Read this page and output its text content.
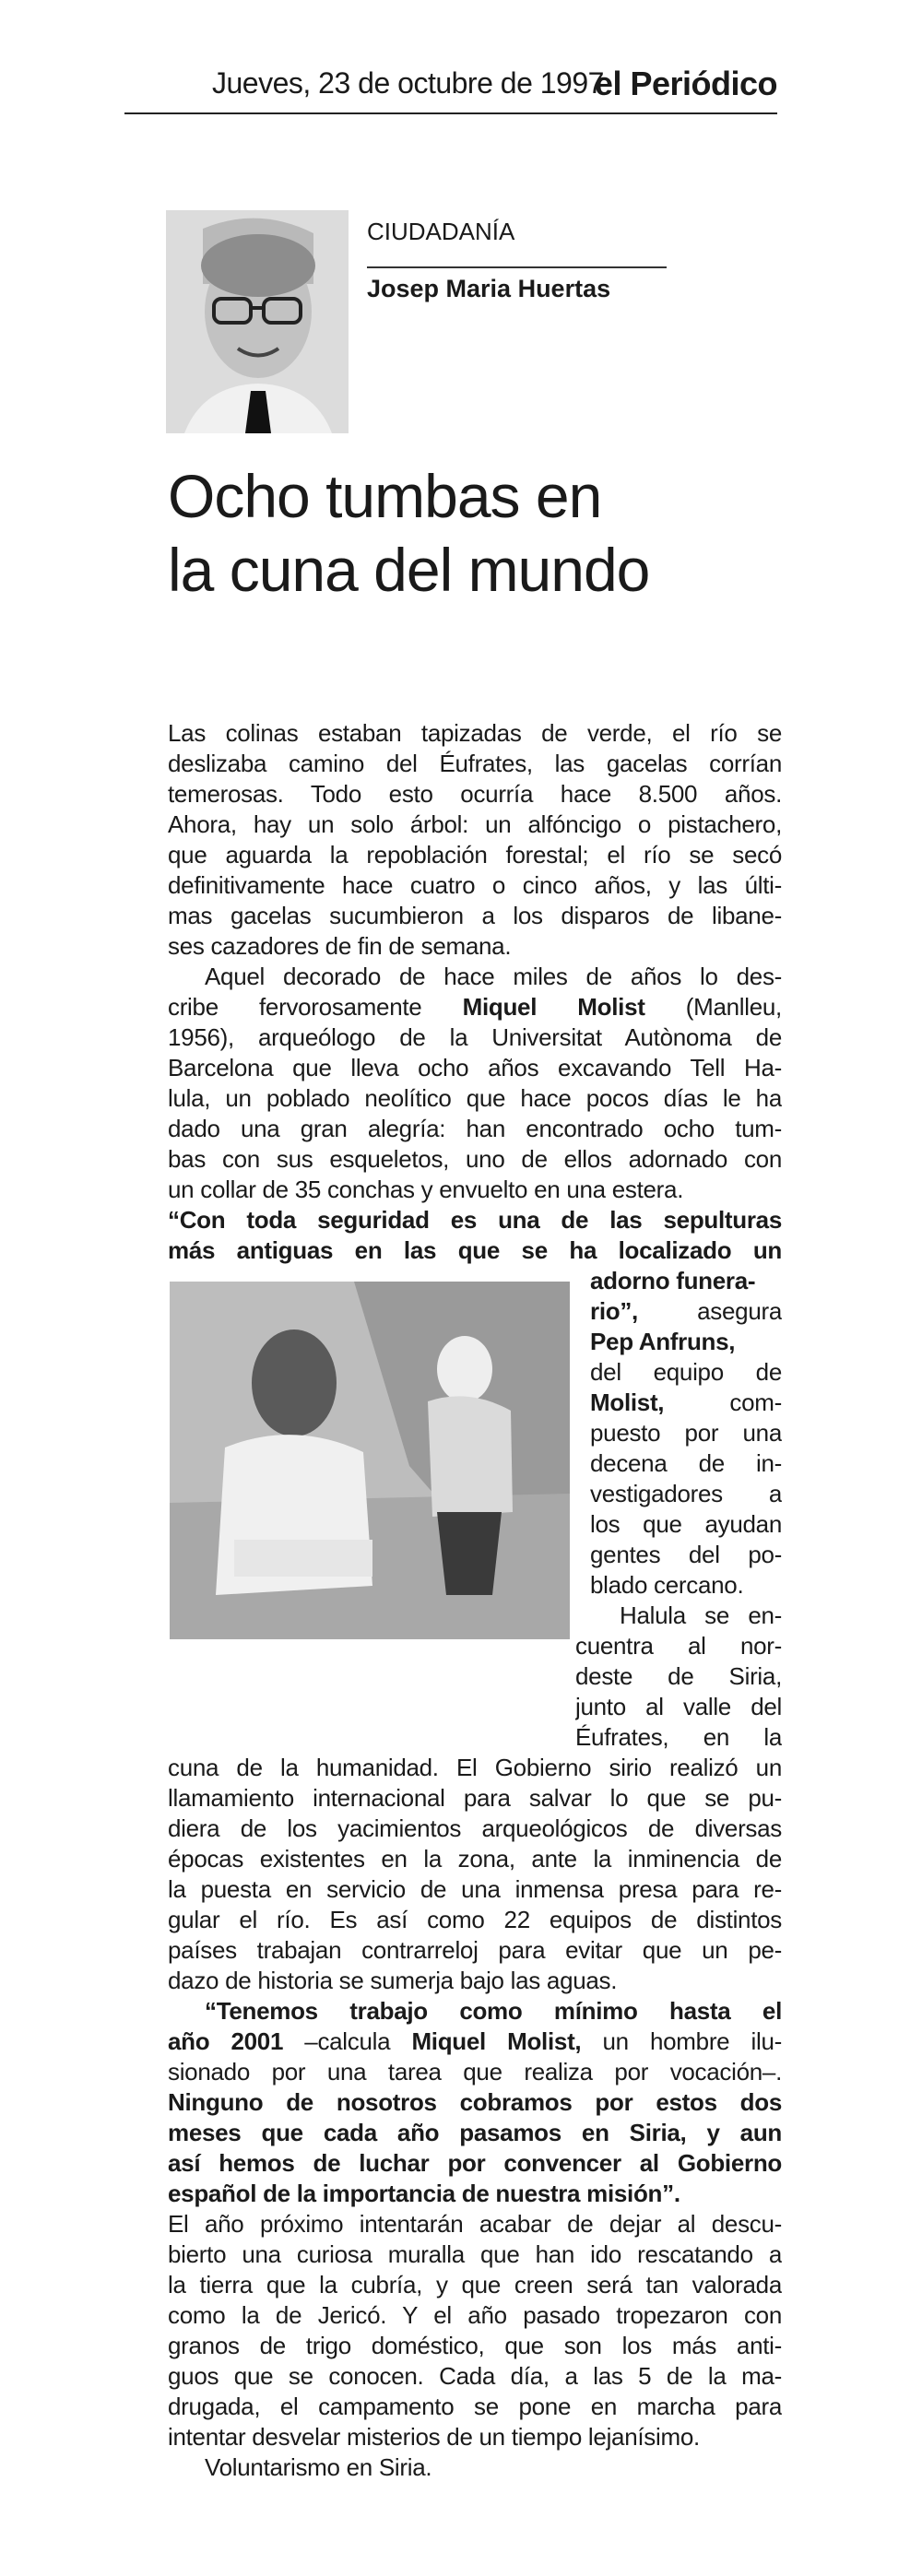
Jueves, 23 de octubre de 1997
el Periódico
CIUDADANÍA
Josep Maria Huertas
Ocho tumbas en
la cuna del mundo
Las colinas estaban tapizadas de verde, el río se
deslizaba camino del Éufrates, las gacelas corrían
temerosas. Todo esto ocurría hace 8.500 años.
Ahora, hay un solo árbol: un alfóncigo o pistachero,
que aguarda la repoblación forestal; el río se secó
definitivamente hace cuatro o cinco años, y las últi-
mas gacelas sucumbieron a los disparos de libane-
ses cazadores de fin de semana.
Aquel decorado de hace miles de años lo des-
cribe fervorosamente Miquel Molist (Manlleu,
1956), arqueólogo de la Universitat Autònoma de
Barcelona que lleva ocho años excavando Tell Ha-
lula, un poblado neolítico que hace pocos días le ha
dado una gran alegría: han encontrado ocho tum-
bas con sus esqueletos, uno de ellos adornado con
un collar de 35 conchas y envuelto en una estera.
“Con toda seguridad es una de las sepulturas
más antiguas en las que se ha localizado un
adorno funera-
rio”, asegura
Pep Anfruns,
del equipo de
Molist,	com-
puesto por una
decena de in-
vestigadores a
los que ayudan
gentes del po-
blado cercano.
Halula se en-
cuentra al nor-
deste de Siria,
junto al valle del
Éufrates, en la
cuna de la humanidad. El Gobierno sirio realizó un
llamamiento internacional para salvar lo que se pu-
diera de los yacimientos arqueológicos de diversas
épocas existentes en la zona, ante la inminencia de
la puesta en servicio de una inmensa presa para re-
gular el río. Es así como 22 equipos de distintos
países trabajan contrarreloj para evitar que un pe-
dazo de historia se sumerja bajo las aguas.
“Tenemos trabajo como mínimo hasta el
año 2001 –calcula Miquel Molist, un hombre ilu-
sionado por una tarea que realiza por vocación–.
Ninguno de nosotros cobramos por estos dos
meses que cada año pasamos en Siria, y aun
así hemos de luchar por convencer al Gobierno
español de la importancia de nuestra misión”.
El año próximo intentarán acabar de dejar al descu-
bierto una curiosa muralla que han ido rescatando a
la tierra que la cubría, y que creen será tan valorada
como la de Jericó. Y el año pasado tropezaron con
granos de trigo doméstico, que son los más anti-
guos que se conocen. Cada día, a las 5 de la ma-
drugada, el campamento se pone en marcha para
intentar desvelar misterios de un tiempo lejanísimo.
Voluntarismo en Siria.
